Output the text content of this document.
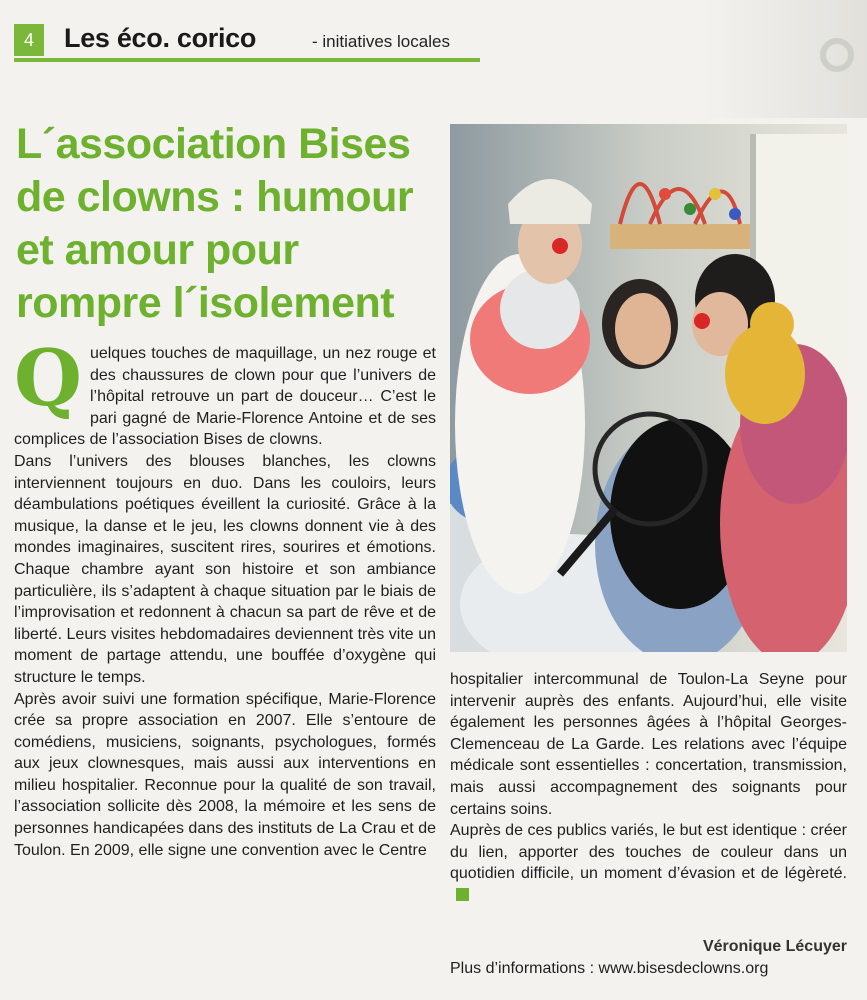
4	Les éco. corico	- initiatives locales
L´association Bises
de clowns : humour
et amour pour
rompre l´isolement

Quelques touches de maquillage, un nez rouge et des chaussures de clown pour que l’univers de l’hôpital retrouve un part de douceur… C’est le pari gagné de Marie-Florence Antoine et de ses complices de l’association Bises de clowns.

Dans l’univers des blouses blanches, les clowns interviennent toujours en duo. Dans les couloirs, leurs déambulations poétiques éveillent la curiosité. Grâce à la musique, la danse et le jeu, les clowns donnent vie à des mondes imaginaires, suscitent rires, sourires et émotions. Chaque chambre ayant son histoire et son ambiance particulière, ils s’adaptent à chaque situation par le biais de l’improvisation et redonnent à chacun sa part de rêve et de liberté. Leurs visites hebdomadaires deviennent très vite un moment de partage attendu, une bouffée d’oxygène qui structure le temps.

Après avoir suivi une formation spécifique, Marie-Florence crée sa propre association en 2007. Elle s’entoure de comédiens, musiciens, soignants, psychologues, formés aux jeux clownesques, mais aussi aux interventions en milieu hospitalier. Reconnue pour la qualité de son travail, l’association sollicite dès 2008, la mémoire et les sens de personnes handicapées dans des instituts de La Crau et de Toulon. En 2009, elle signe une convention avec le Centre

hospitalier intercommunal de Toulon-La Seyne pour intervenir auprès des enfants. Aujourd’hui, elle visite également les personnes âgées à l’hôpital Georges-Clemenceau de La Garde. Les relations avec l’équipe médicale sont essentielles : concertation, transmission, mais aussi accompagnement des soignants pour certains soins.

Auprès de ces publics variés, le but est identique : créer du lien, apporter des touches de couleur dans un quotidien difficile, un moment d’évasion et de légèreté.

Véronique Lécuyer
Plus d’informations : www.bisesdeclowns.org
